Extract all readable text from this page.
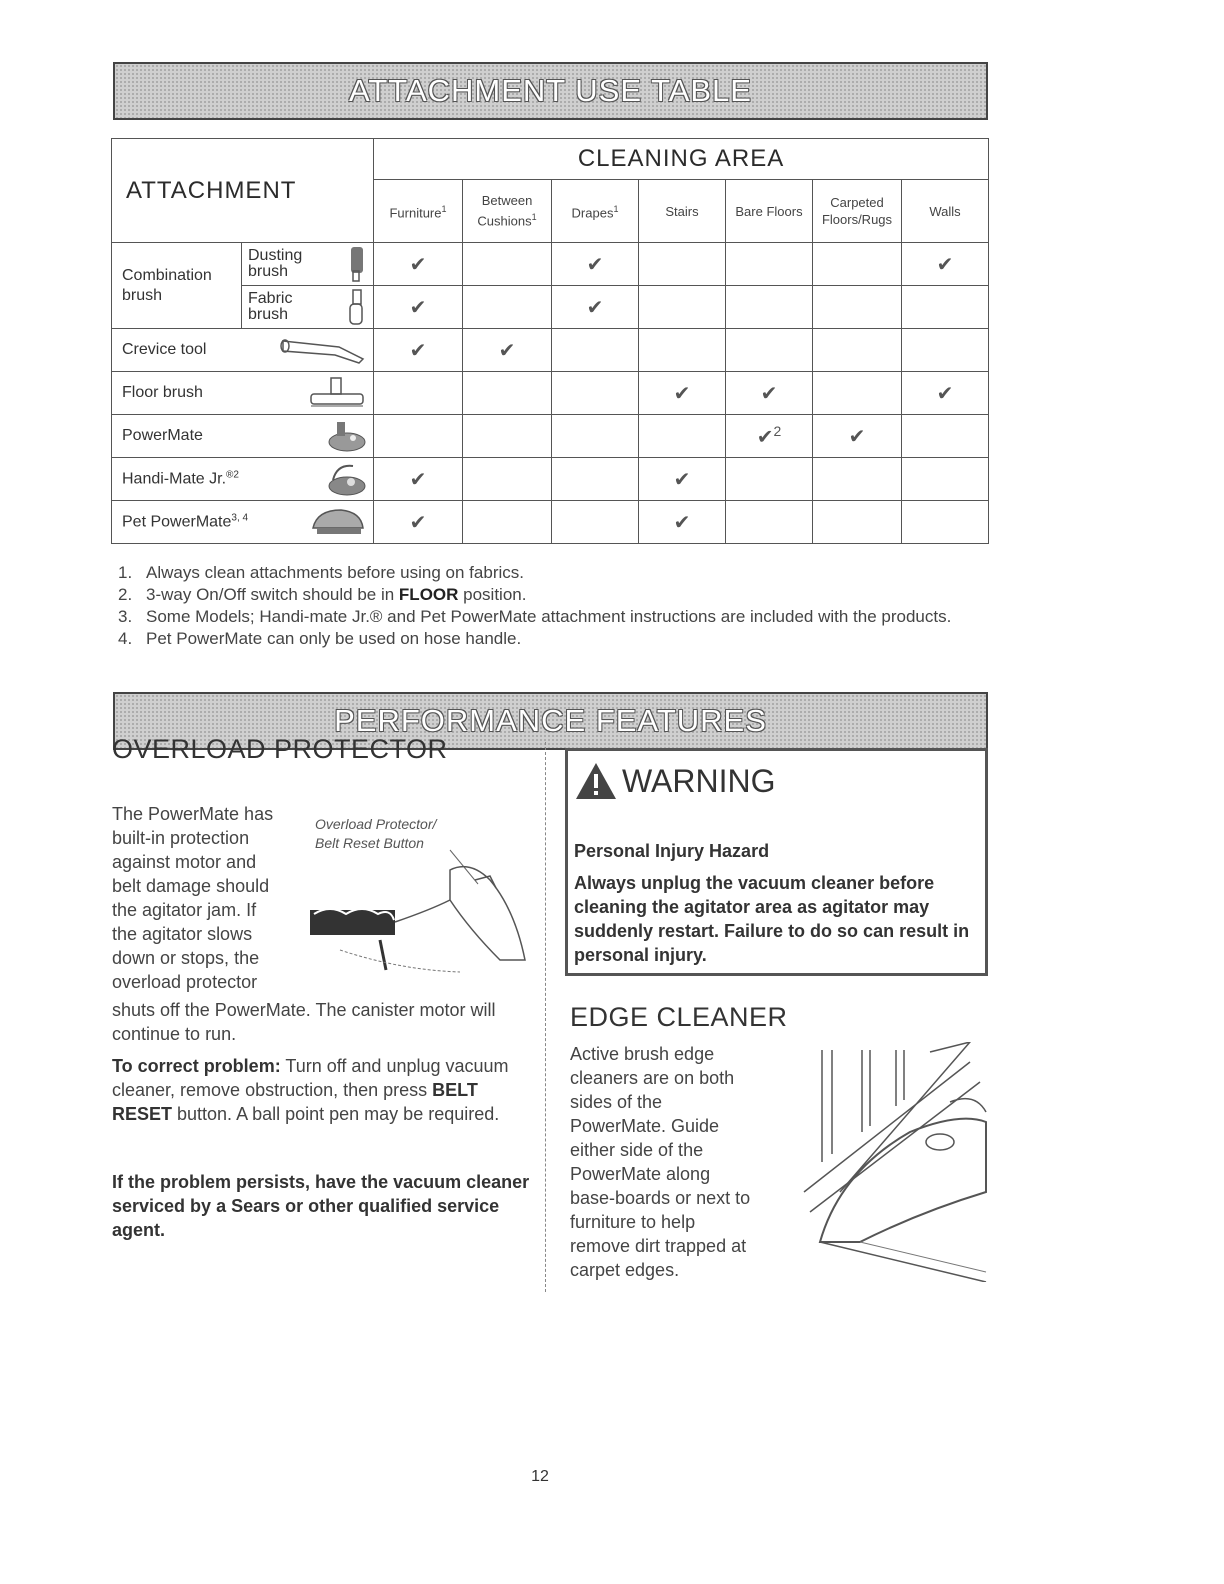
ATTACHMENT USE TABLE
ATTACHMENT		CLEANING AREA						
		Furniture$^1$	Between Cushions$^1$	Drapes$^1$	Stairs	Bare Floors	Carpeted Floors/Rugs	Walls

Combination brush	Dusting brush	✔		✔				✔
	Fabric brush	✔		✔				

Crevice tool		✔	✔					

Floor brush					✔	✔		✔

PowerMate						✔$^2$	✔	

Handi-Mate Jr.$^{®2}$		✔			✔			

Pet PowerMate$^{3, 4}$		✔			✔			
1. Always clean attachments before using on fabrics.
2. 3-way On/Off switch should be in FLOOR position.
3. Some Models; Handi-mate Jr.® and Pet PowerMate attachment instructions are included with the products.
4. Pet PowerMate can only be used on hose handle.
PERFORMANCE FEATURES
OVERLOAD PROTECTOR
The PowerMate has
built-in protection
against motor and
belt damage should
the agitator jam. If
the agitator slows
down or stops, the
overload protector
shuts off the PowerMate. The canister motor will continue to run.
Overload Protector/
Belt Reset Button
To correct problem: Turn off and unplug vacuum cleaner, remove obstruction, then press BELT RESET button. A ball point pen may be required.
If the problem persists, have the vacuum cleaner serviced by a Sears or other qualified service agent.
WARNING
Personal Injury Hazard
Always unplug the vacuum cleaner before cleaning the agitator area as agitator may suddenly restart. Failure to do so can result in personal injury.
EDGE CLEANER
Active brush edge
cleaners are on both
sides of the
PowerMate. Guide
either side of the
PowerMate along
base-boards or next to
furniture to help
remove dirt trapped at
carpet edges.
12
